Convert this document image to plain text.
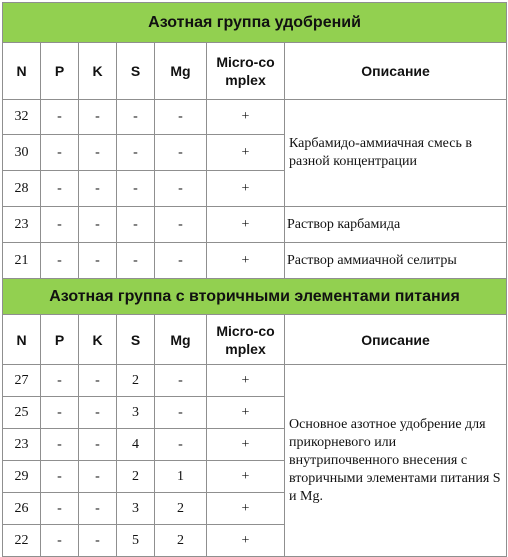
Азотная группа удобрений						
N	P	K	S	Mg	Micro-complex	Описание
32	-	-	-	-	+	Карбамидо-аммиачная смесь в разной концентрации
30	-	-	-	-	+	
28	-	-	-	-	+	
23	-	-	-	-	+	Раствор карбамида
21	-	-	-	-	+	Раствор аммиачной селитры
Азотная группа с вторичными элементами питания						
N	P	K	S	Mg	Micro-complex	Описание
27	-	-	2	-	+	Основное азотное удобрение для прикорневого или внутрипочвенного внесения с вторичными элементами питания S и Mg.
25	-	-	3	-	+	
23	-	-	4	-	+	
29	-	-	2	1	+	
26	-	-	3	2	+	
22	-	-	5	2	+	
